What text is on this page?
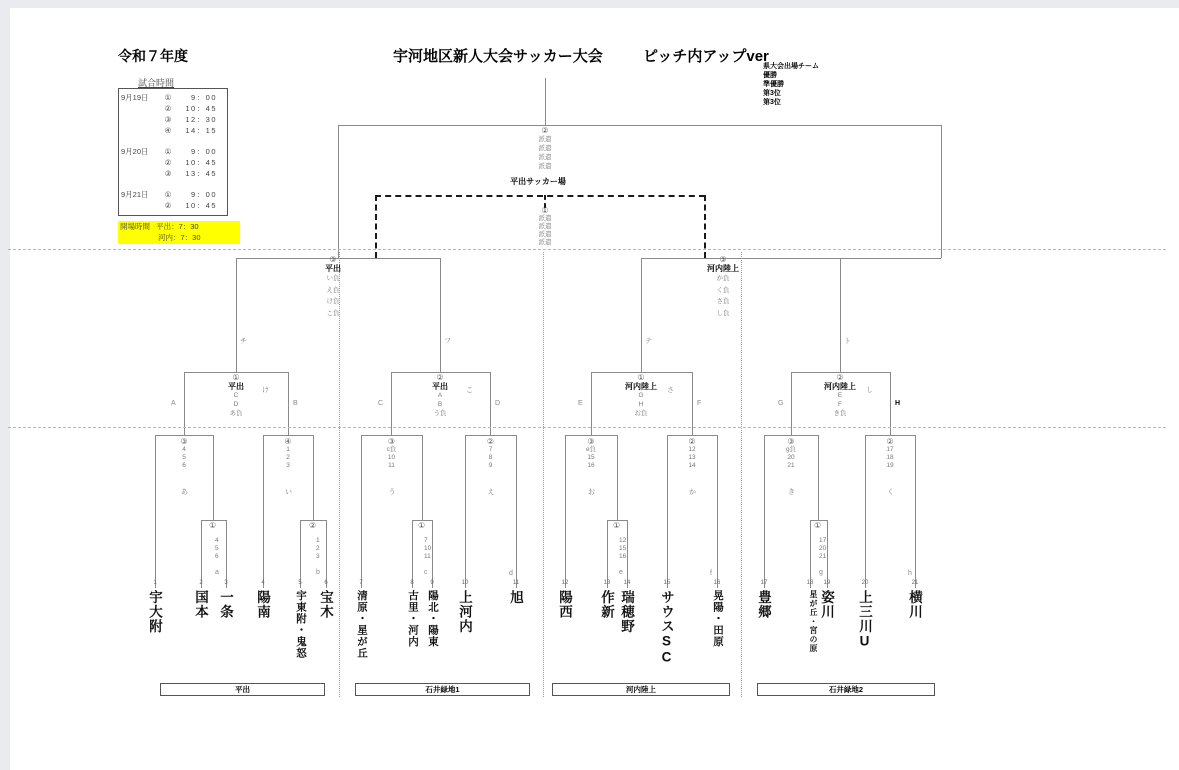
令和７年度	宇河地区新人大会サッカー大会	ピッチ内アップver
県大会出場チーム
優勝
準優勝
第3位
第3位
試合時間
9月19日	①	9：00
②	10：45
③	12：30
④	14：15
9月20日	①	9：00
②	10：45
③	13：45
9月21日	①	9：00
②	10：45
開場時間 平出：7：30
河内：7：30
平出サッカー場
②
派遣
派遣
派遣
派遣
①
派遣
派遣
派遣
派遣
③
平出
い負
え負
け負
こ負
③
河内陸上
か負
く負
さ負
し負
①
平出
C
D
あ負
け
チ
A	B
②
平出
A
B
う負
こ
フ
C	D
①
河内陸上
G
H
お負
さ
テ
E	F
②
河内陸上
E
F
き負
し
ト
G	H
③
4
5
6
あ
④
1
2
3
い
③
c負
10
11
う
②
7
8
9
え
d
③
e負
15
16
お
②
12
13
14
か
f
③
g負
20
21
き
②
17
18
19
く
h
①
4
5
6
a
②
1
2
3
b
①
7
10
11
c
①
12
15
16
e
①
17
20
21
g
1
宇大附
2
国本
3
一条
4
陽南
5
宇東附・鬼怒
6
宝木
7
清原・星が丘
8
古里・河内
9
陽北・陽東
10
上河内
11
旭
12
陽西
13
作新
14
瑞穂野
15
サウスSC
16
晃陽・田原
17
豊郷
18
星が丘・宮の原
19
姿川
20
上三川U
21
横川
平出	石井緑地1	河内陸上	石井緑地2
